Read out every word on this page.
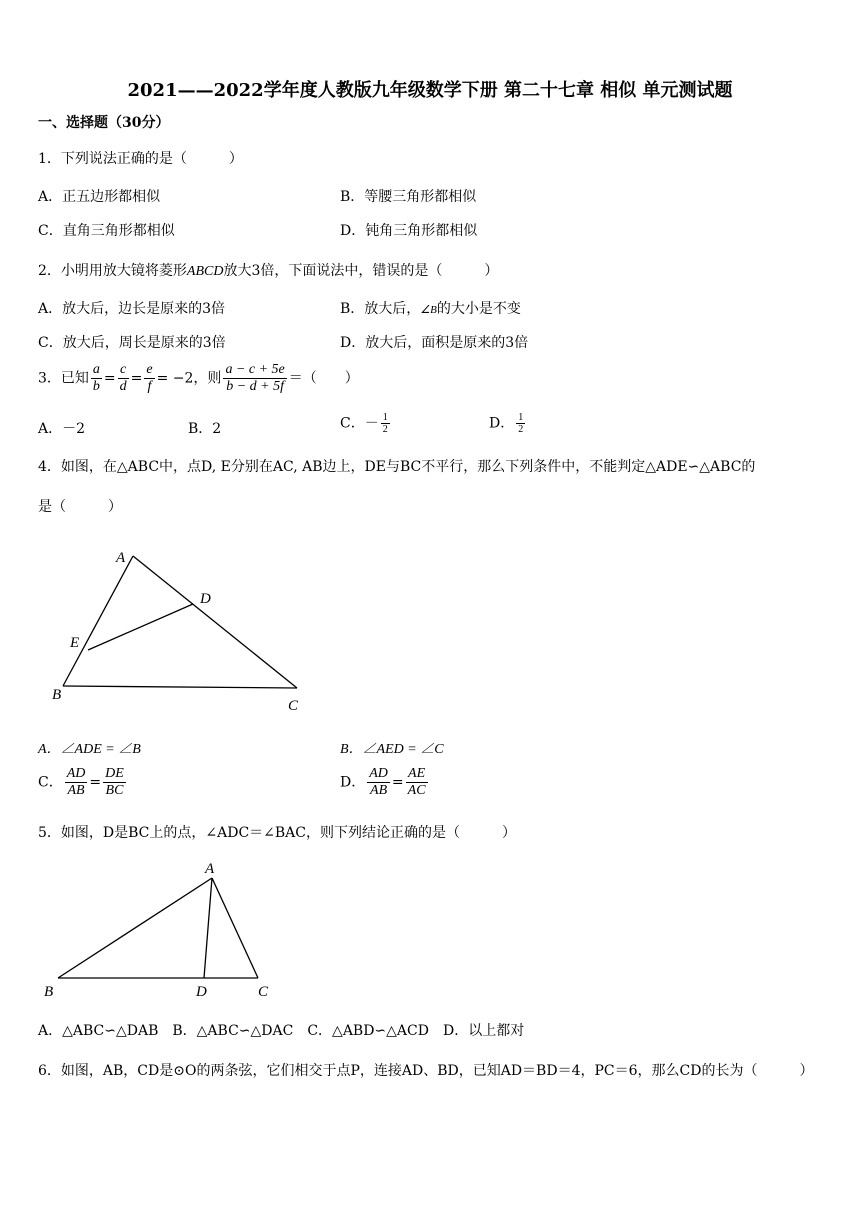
2021——2022学年度人教版九年级数学下册 第二十七章 相似 单元测试题
一、选择题（30分）
1．下列说法正确的是（　　　）
A．正五边形都相似	B．等腰三角形都相似
C．直角三角形都相似	D．钝角三角形都相似
2．小明用放大镜将菱形ABCD放大3倍，下面说法中，错误的是（　　　）
A．放大后，边长是原来的3倍	B．放大后，∠B的大小是不变
C．放大后，周长是原来的3倍	D．放大后，面积是原来的3倍
3．已知 $\frac{a}{b} = \frac{c}{d} = \frac{e}{f} = -2$，则 $\frac{a - c + 5e}{b - d + 5f}$ ＝（　　）
A．－2	B．2	C．－ $\frac{1}{2}$	D． $\frac{1}{2}$
4．如图，在△ABC中，点D, E分别在AC, AB边上，DE与BC不平行，那么下列条件中，不能判定△ADE∽△ABC的
是（　　　）
A
D
E
B
C
A．∠ADE = ∠B	B．∠AED = ∠C
C． $\frac{AD}{AB} = \frac{DE}{BC}$	D． $\frac{AD}{AB} = \frac{AE}{AC}$
5．如图，D是BC上的点，∠ADC＝∠BAC，则下列结论正确的是（　　　）
A
B	D	C
A．△ABC∽△DAB　B．△ABC∽△DAC　C．△ABD∽△ACD　D．以上都对
6．如图，AB，CD是⊙O的两条弦，它们相交于点P，连接AD、BD，已知AD＝BD＝4，PC＝6，那么CD的长为（　　　）
